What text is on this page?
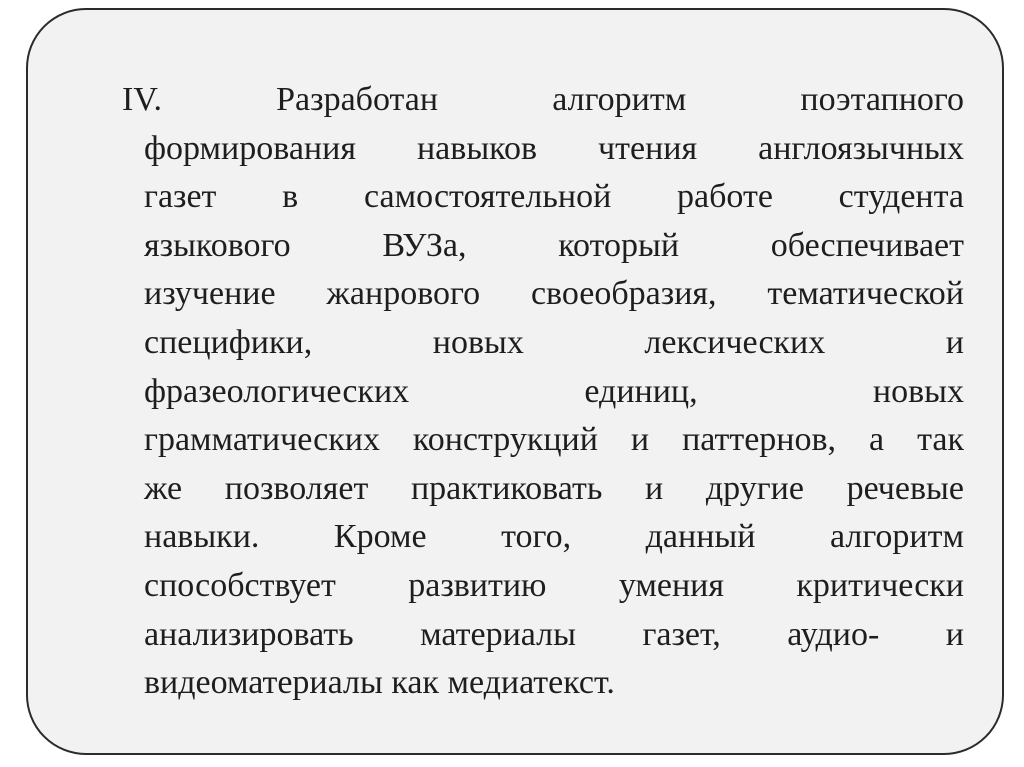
IV. Разработан алгоритм поэтапного
формирования навыков чтения англоязычных
газет в самостоятельной работе студента
языкового ВУЗа, который обеспечивает
изучение жанрового своеобразия, тематической
специфики, новых лексических и
фразеологических единиц, новых
грамматических конструкций и паттернов, а так
же позволяет практиковать и другие речевые
навыки. Кроме того, данный алгоритм
способствует развитию умения критически
анализировать материалы газет, аудио- и
видеоматериалы как медиатекст.
